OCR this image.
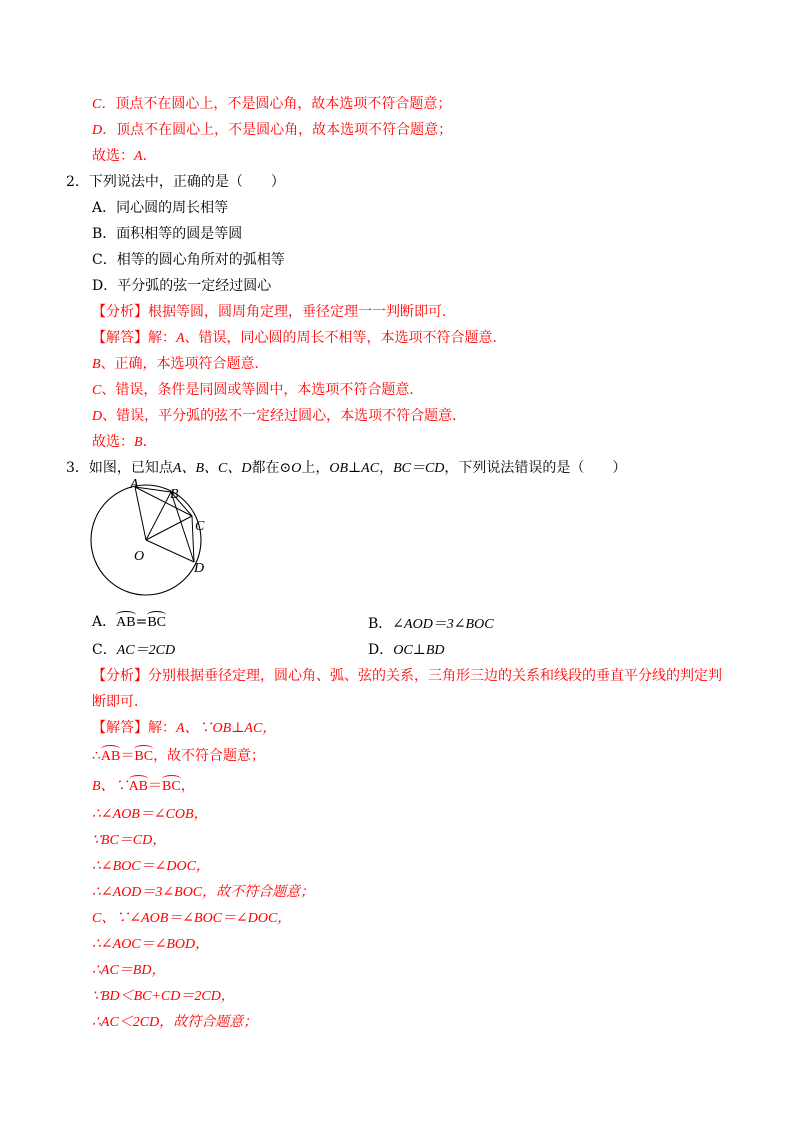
C．顶点不在圆心上，不是圆心角，故本选项不符合题意；
D．顶点不在圆心上，不是圆心角，故本选项不符合题意；
故选：A．
2．下列说法中，正确的是（　　）
A．同心圆的周长相等
B．面积相等的圆是等圆
C．相等的圆心角所对的弧相等
D．平分弧的弦一定经过圆心
【分析】根据等圆，圆周角定理，垂径定理一一判断即可．
【解答】解：A、错误，同心圆的周长不相等，本选项不符合题意．
B、正确，本选项符合题意．
C、错误，条件是同圆或等圆中，本选项不符合题意．
D、错误，平分弧的弦不一定经过圆心，本选项不符合题意．
故选：B．
3．如图，已知点A、B、C、D都在⊙O上，OB⊥AC，BC＝CD，下列说法错误的是（　　）
A
B
C
D
O
A．AB=BC	B．∠AOD＝3∠BOC
C．AC＝2CD	D．OC⊥BD
【分析】分别根据垂径定理，圆心角、弧、弦的关系，三角形三边的关系和线段的垂直平分线的判定判
断即可．
【解答】解：A、∵OB⊥AC，
∴AB＝BC，故不符合题意；
B、∵AB＝BC，
∴∠AOB＝∠COB，
∵BC＝CD，
∴∠BOC＝∠DOC，
∴∠AOD＝3∠BOC，故不符合题意；
C、∵∠AOB＝∠BOC＝∠DOC，
∴∠AOC＝∠BOD，
∴AC＝BD，
∵BD＜BC+CD＝2CD，
∴AC＜2CD，故符合题意；
